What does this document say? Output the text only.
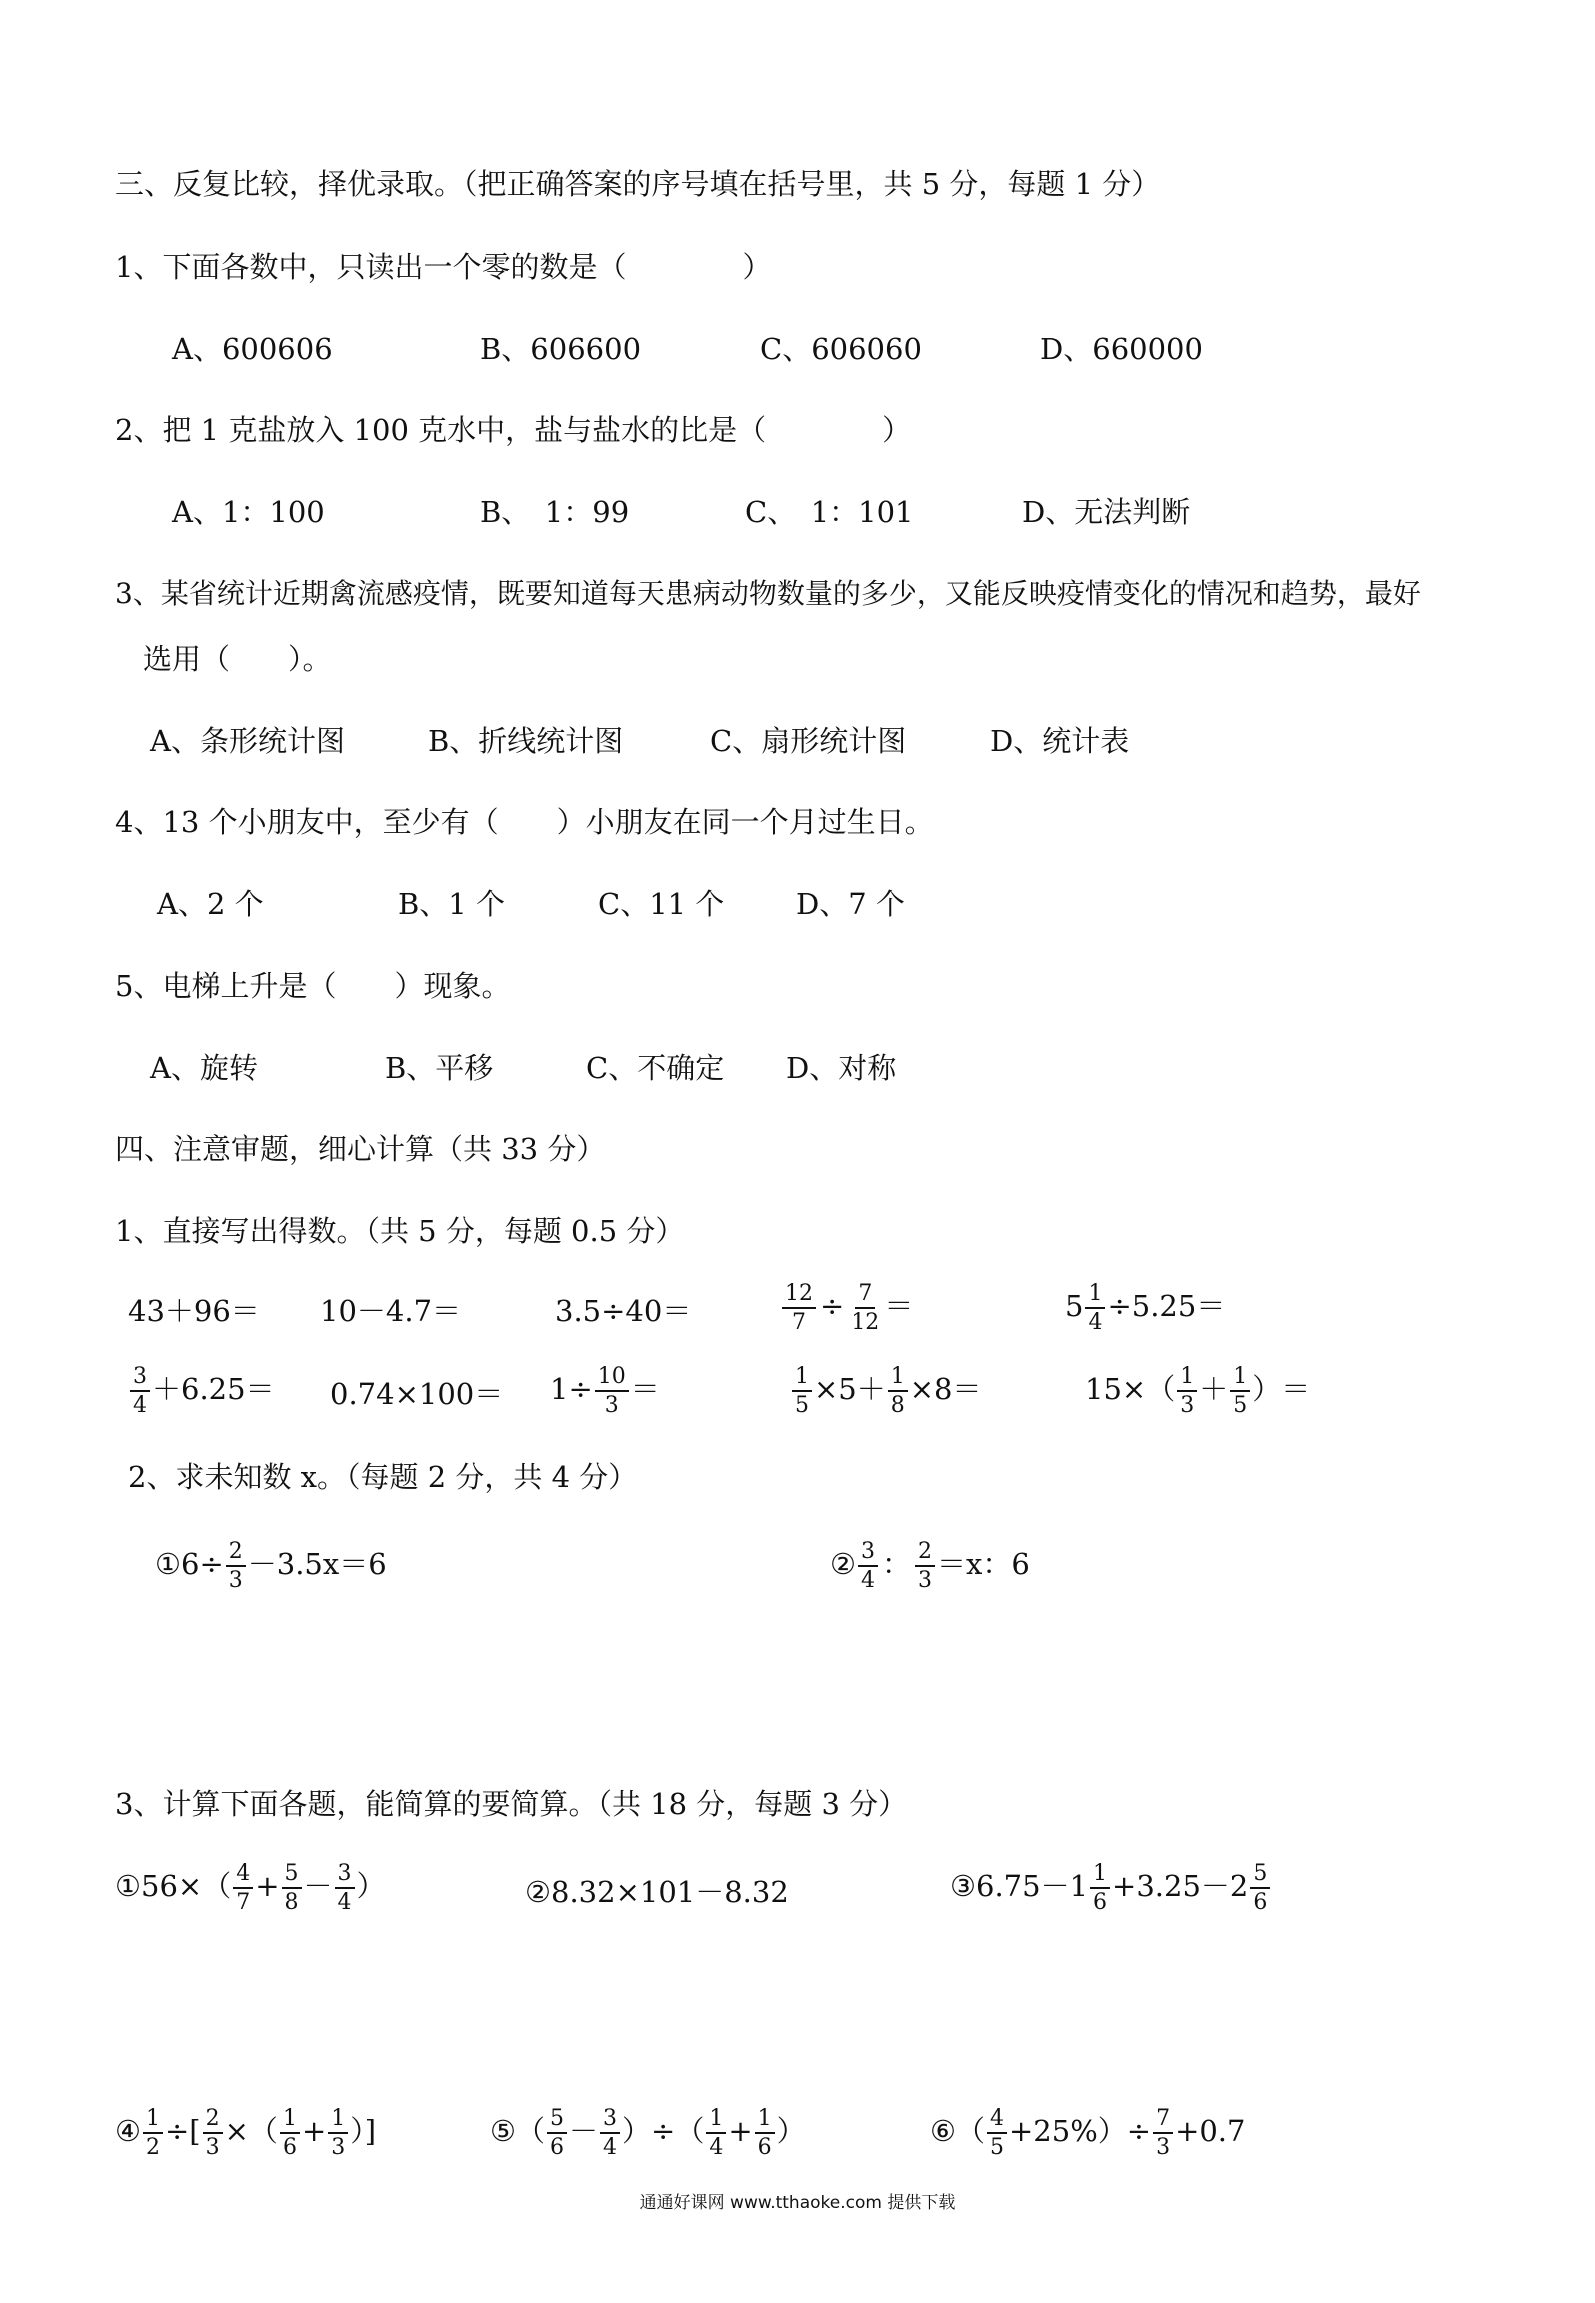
三、反复比较，择优录取。（把正确答案的序号填在括号里，共 5 分，每题 1 分）
1、下面各数中，只读出一个零的数是（　　　　）
A、600606	B、606600	C、606060	D、660000
2、把 1 克盐放入 100 克水中，盐与盐水的比是（　　　　）
A、1：100	B、　1：99	C、　1：101	D、无法判断
3、某省统计近期禽流感疫情，既要知道每天患病动物数量的多少，又能反映疫情变化的情况和趋势，最好
选用（　　）。
A、条形统计图	B、折线统计图	C、扇形统计图	D、统计表
4、13 个小朋友中，至少有（　　）小朋友在同一个月过生日。
A、2 个	B、1 个	C、11 个 D、7 个
5、电梯上升是（　　）现象。
A、旋转	B、平移	C、不确定 D、对称
四、注意审题，细心计算（共 33 分）
1、直接写出得数。（共 5 分，每题 0.5 分）
43＋96＝ 10－4.7＝	3.5÷40＝	$\frac{12}{7} \div \frac{7}{12}$ ＝	$5 \frac{1}{4} \div 5.25=$
$\frac{3}{4} +6.25= 0.74\times 100= 1\div \frac{10}{3}$ ＝	$\frac{1}{5} \times 5+ \frac{1}{8} \times 8=$	$15\times( \frac{1}{3} + \frac{1}{5}$ ）＝
2、求未知数 x。（每题 2 分，共 4 分）
①6÷ $\frac{2}{3} -3.5x=6$	② $\frac{3}{4}$ ： $\frac{2}{3} =x$：6
3、计算下面各题，能简算的要简算。（共 18 分，每题 3 分）
①56×（ $\frac{4}{7} + \frac{5}{8} - \frac{3}{4}$ ）	②8.32×101－8.32	③6.75－1 $\frac{1}{6} +3.25-2 \frac{5}{6}$
④ $\frac{1}{2}$ ÷[ $\frac{2}{3}$ ×（ $\frac{1}{6} + \frac{1}{3}$ ）]	⑤（ $\frac{5}{6} - \frac{3}{4}$ ）÷（ $\frac{1}{4} + \frac{1}{6}$ ）	⑥（ $\frac{4}{5} +25\%)\div \frac{7}{3} +0.7$
通通好课网 www.tthaoke.com 提供下载
